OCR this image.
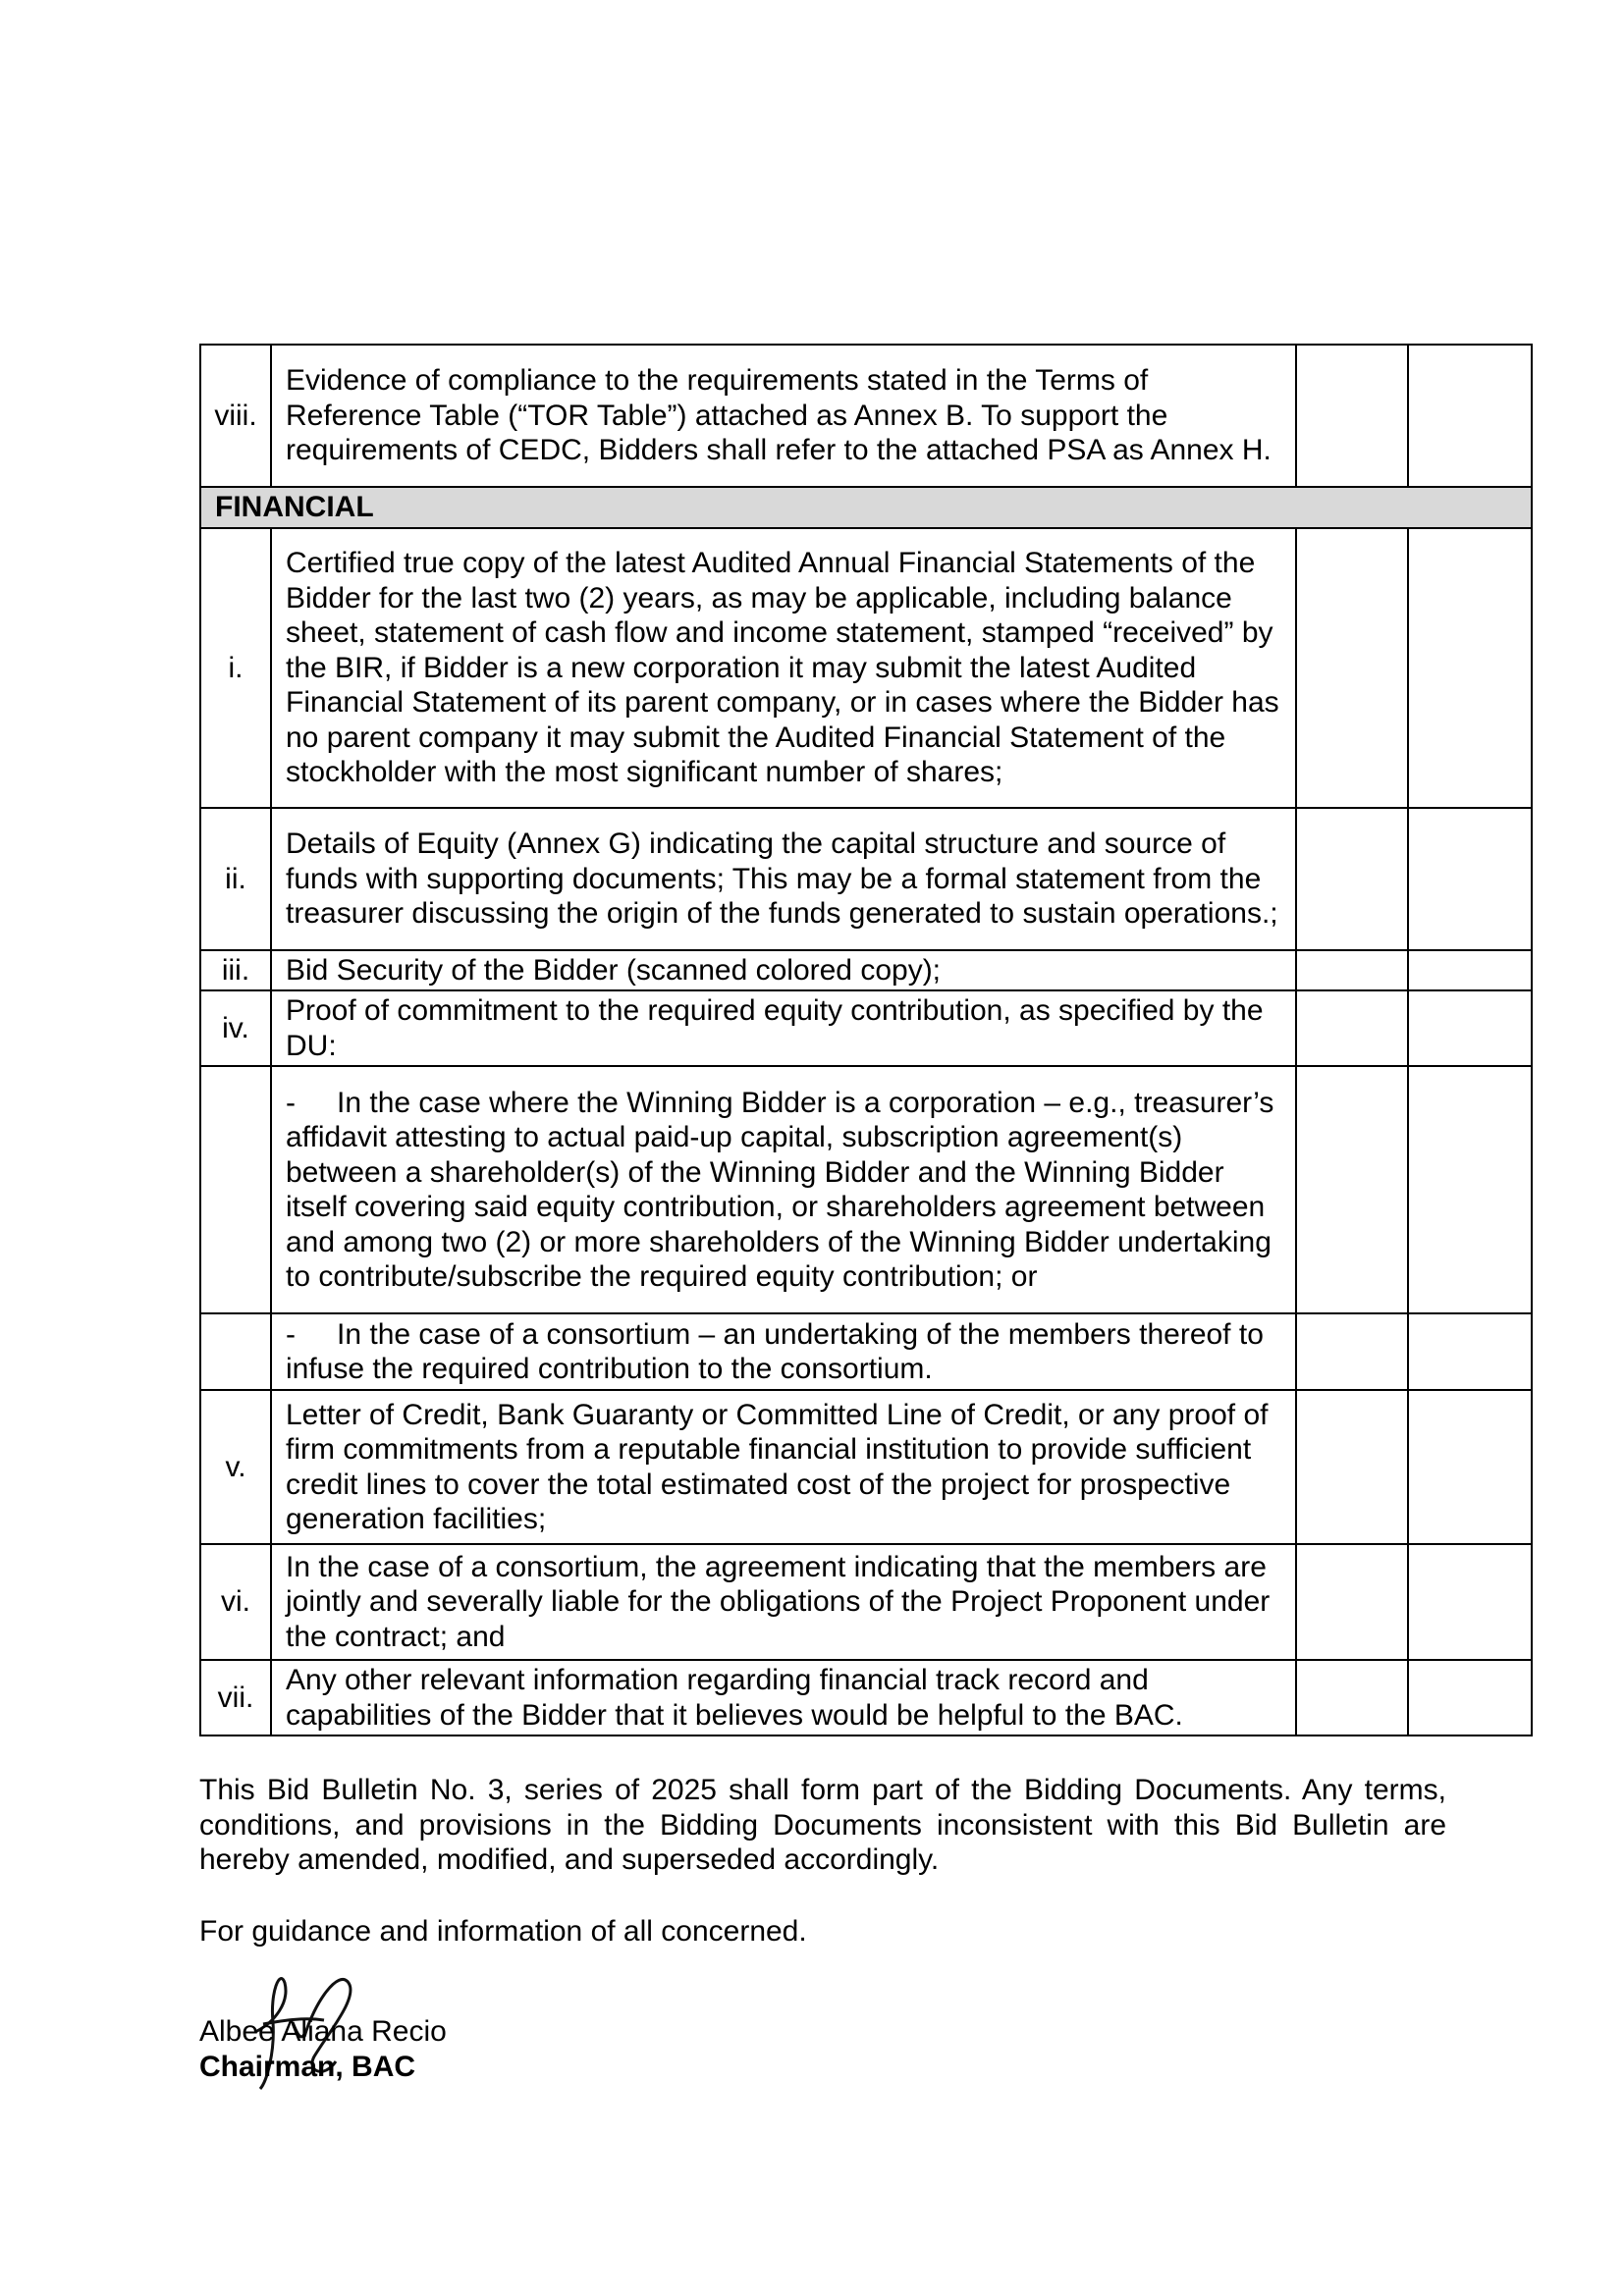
viii.	Evidence of compliance to the requirements stated in the Terms of Reference Table (“TOR Table”) attached as Annex B. To support the requirements of CEDC, Bidders shall refer to the attached PSA as Annex H.		
FINANCIAL			
i.	Certified true copy of the latest Audited Annual Financial Statements of the Bidder for the last two (2) years, as may be applicable, including balance sheet, statement of cash flow and income statement, stamped “received” by the BIR, if Bidder is a new corporation it may submit the latest Audited Financial Statement of its parent company, or in cases where the Bidder has no parent company it may submit the Audited Financial Statement of the stockholder with the most significant number of shares;		
ii.	Details of Equity (Annex G) indicating the capital structure and source of funds with supporting documents; This may be a formal statement from the treasurer discussing the origin of the funds generated to sustain operations.;		
iii.	Bid Security of the Bidder (scanned colored copy);		
iv.	Proof of commitment to the required equity contribution, as specified by the DU:		
	- In the case where the Winning Bidder is a corporation – e.g., treasurer’s affidavit attesting to actual paid-up capital, subscription agreement(s) between a shareholder(s) of the Winning Bidder and the Winning Bidder itself covering said equity contribution, or shareholders agreement between and among two (2) or more shareholders of the Winning Bidder undertaking to contribute/subscribe the required equity contribution; or		
	- In the case of a consortium – an undertaking of the members thereof to infuse the required contribution to the consortium.		
v.	Letter of Credit, Bank Guaranty or Committed Line of Credit, or any proof of firm commitments from a reputable financial institution to provide sufficient credit lines to cover the total estimated cost of the project for prospective generation facilities;		
vi.	In the case of a consortium, the agreement indicating that the members are jointly and severally liable for the obligations of the Project Proponent under the contract; and		
vii.	Any other relevant information regarding financial track record and capabilities of the Bidder that it believes would be helpful to the BAC.		

This Bid Bulletin No. 3, series of 2025 shall form part of the Bidding Documents. Any terms, conditions, and provisions in the Bidding Documents inconsistent with this Bid Bulletin are hereby amended, modified, and superseded accordingly.

For guidance and information of all concerned.

Albee Aliana Recio
Chairman, BAC
